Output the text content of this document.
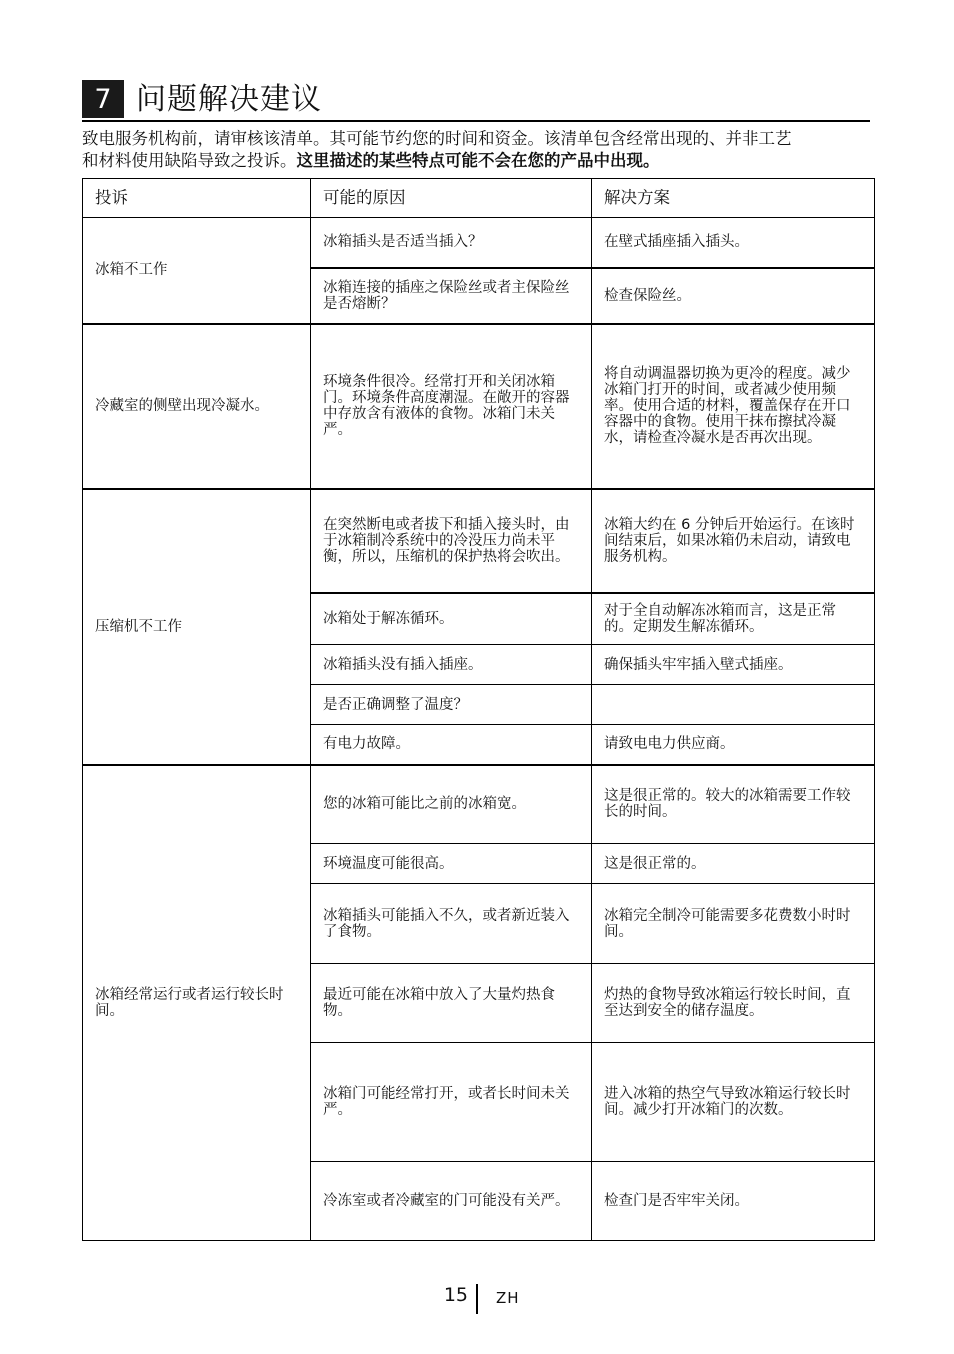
7 问题解决建议
致电服务机构前，请审核该清单。其可能节约您的时间和资金。该清单包含经常出现的、并非工艺
和材料使用缺陷导致之投诉。这里描述的某些特点可能不会在您的产品中出现。
投诉	可能的原因	解决方案
冰箱不工作	冰箱插头是否适当插入？	在壁式插座插入插头。
	冰箱连接的插座之保险丝或者主保险丝是否熔断？	检查保险丝。
冷藏室的侧壁出现冷凝水。	环境条件很冷。经常打开和关闭冰箱门。环境条件高度潮湿。在敞开的容器中存放含有液体的食物。冰箱门未关严。	将自动调温器切换为更冷的程度。减少冰箱门打开的时间，或者减少使用频率。使用合适的材料，覆盖保存在开口容器中的食物。使用干抹布擦拭冷凝水，请检查冷凝水是否再次出现。
压缩机不工作	在突然断电或者拔下和插入接头时，由于冰箱制冷系统中的冷没压力尚未平衡，所以，压缩机的保护热将会吹出。	冰箱大约在 6 分钟后开始运行。在该时间结束后，如果冰箱仍未启动，请致电服务机构。
	冰箱处于解冻循环。	对于全自动解冻冰箱而言，这是正常的。定期发生解冻循环。
	冰箱插头没有插入插座。	确保插头牢牢插入壁式插座。
	是否正确调整了温度？	
	有电力故障。	请致电电力供应商。
冰箱经常运行或者运行较长时间。	您的冰箱可能比之前的冰箱宽。	这是很正常的。较大的冰箱需要工作较长的时间。
	环境温度可能很高。	这是很正常的。
	冰箱插头可能插入不久，或者新近装入了食物。	冰箱完全制冷可能需要多花费数小时时间。
	最近可能在冰箱中放入了大量灼热食物。	灼热的食物导致冰箱运行较长时间，直至达到安全的储存温度。
	冰箱门可能经常打开，或者长时间未关严。	进入冰箱的热空气导致冰箱运行较长时间。减少打开冰箱门的次数。
	冷冻室或者冷藏室的门可能没有关严。	检查门是否牢牢关闭。
15 ZH
